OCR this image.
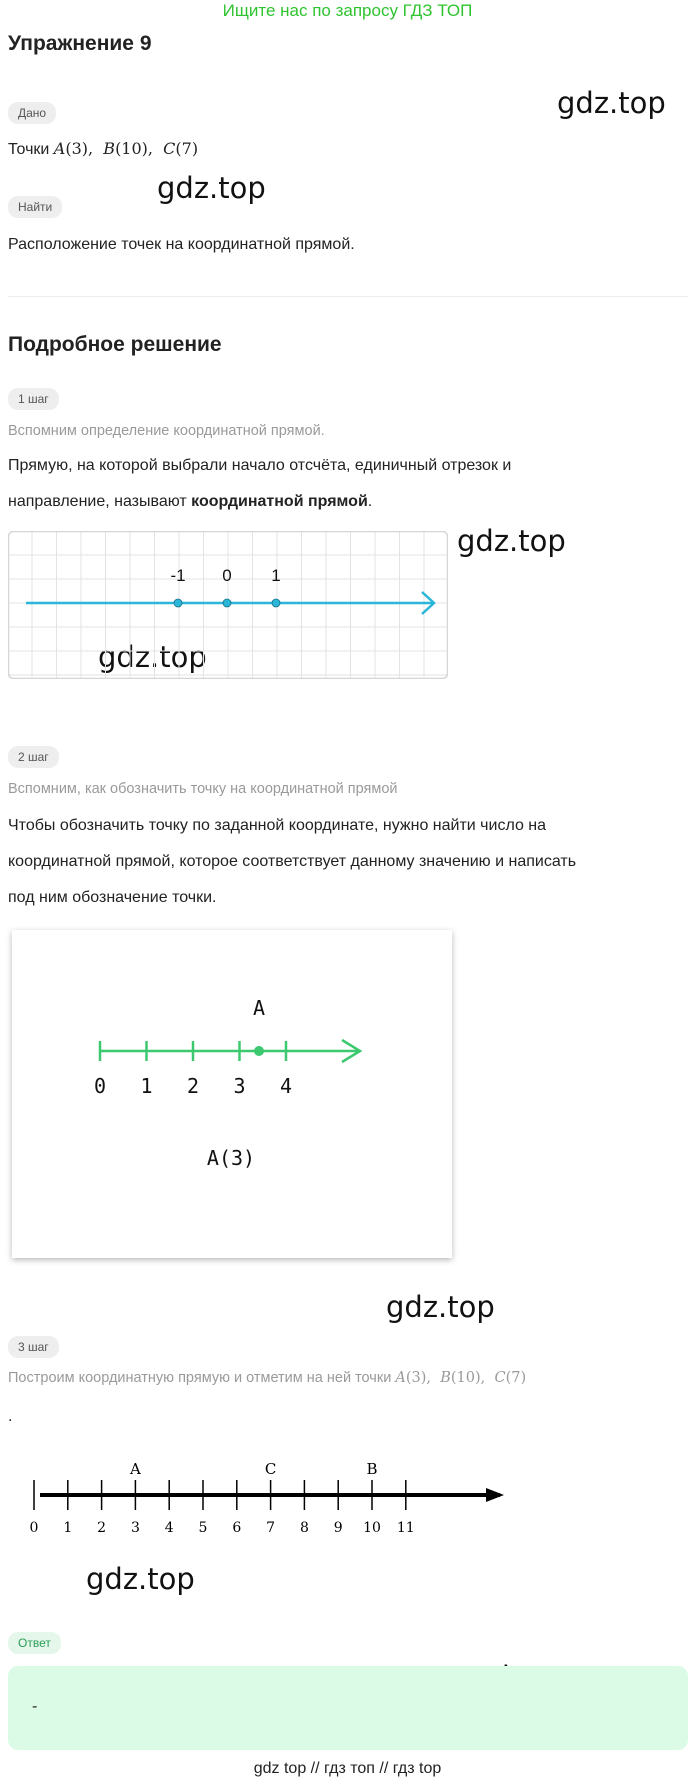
Ищите нас по запросу ГДЗ ТОП
Упражнение 9
gdz.top
gdz.top
gdz.top
gdz.top
gdz.top
gdz.top
Дано
Точки A(3),  B(10),  C(7)
Найти
Расположение точек на координатной прямой.
Подробное решение
1 шаг
Вспомним определение координатной прямой.
Прямую, на которой выбрали начало отсчёта, единичный отрезок и
направление, называют координатной прямой.
-1 0 1
2 шаг
Вспомним, как обозначить точку на координатной прямой
Чтобы обозначить точку по заданной координате, нужно найти число на
координатной прямой, которое соответствует данному значению и написать
под ним обозначение точки.
0 1 2 3 4
A
A(3)
3 шаг
Построим координатную прямую и отметим на ней точки A(3),  B(10),  C(7)
.
0 1 2 3 4 5 6 7 8 9 10 11
A	C	B
Ответ
-
gdz top // гдз топ // гдз top
